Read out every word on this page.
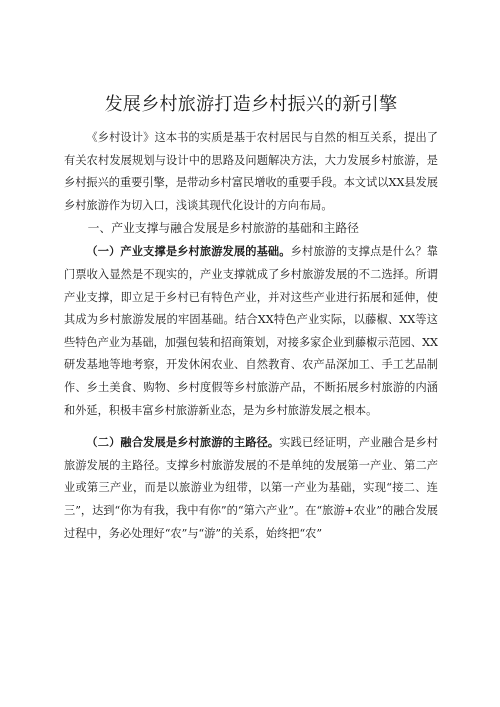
发展乡村旅游打造乡村振兴的新引擎

《乡村设计》这本书的实质是基于农村居民与自然的相互关系，提出了有关农村发展规划与设计中的思路及问题解决方法，大力发展乡村旅游，是乡村振兴的重要引擎，是带动乡村富民增收的重要手段。本文试以XX县发展乡村旅游作为切入口，浅谈其现代化设计的方向布局。

一、产业支撑与融合发展是乡村旅游的基础和主路径

（一）产业支撑是乡村旅游发展的基础。乡村旅游的支撑点是什么？靠门票收入显然是不现实的，产业支撑就成了乡村旅游发展的不二选择。所谓产业支撑，即立足于乡村已有特色产业，并对这些产业进行拓展和延伸，使其成为乡村旅游发展的牢固基础。结合XX特色产业实际，以藤椒、XX等这些特色产业为基础，加强包装和招商策划，对接多家企业到藤椒示范园、XX研发基地等地考察，开发休闲农业、自然教育、农产品深加工、手工艺品制作、乡土美食、购物、乡村度假等乡村旅游产品，不断拓展乡村旅游的内涵和外延，积极丰富乡村旅游新业态，是为乡村旅游发展之根本。

（二）融合发展是乡村旅游的主路径。实践已经证明，产业融合是乡村旅游发展的主路径。支撑乡村旅游发展的不是单纯的发展第一产业、第二产业或第三产业，而是以旅游业为纽带，以第一产业为基础，实现“接二、连三”，达到“你为有我，我中有你”的“第六产业”。在“旅游+农业”的融合发展过程中，务必处理好“农”与“游”的关系，始终把“农”
